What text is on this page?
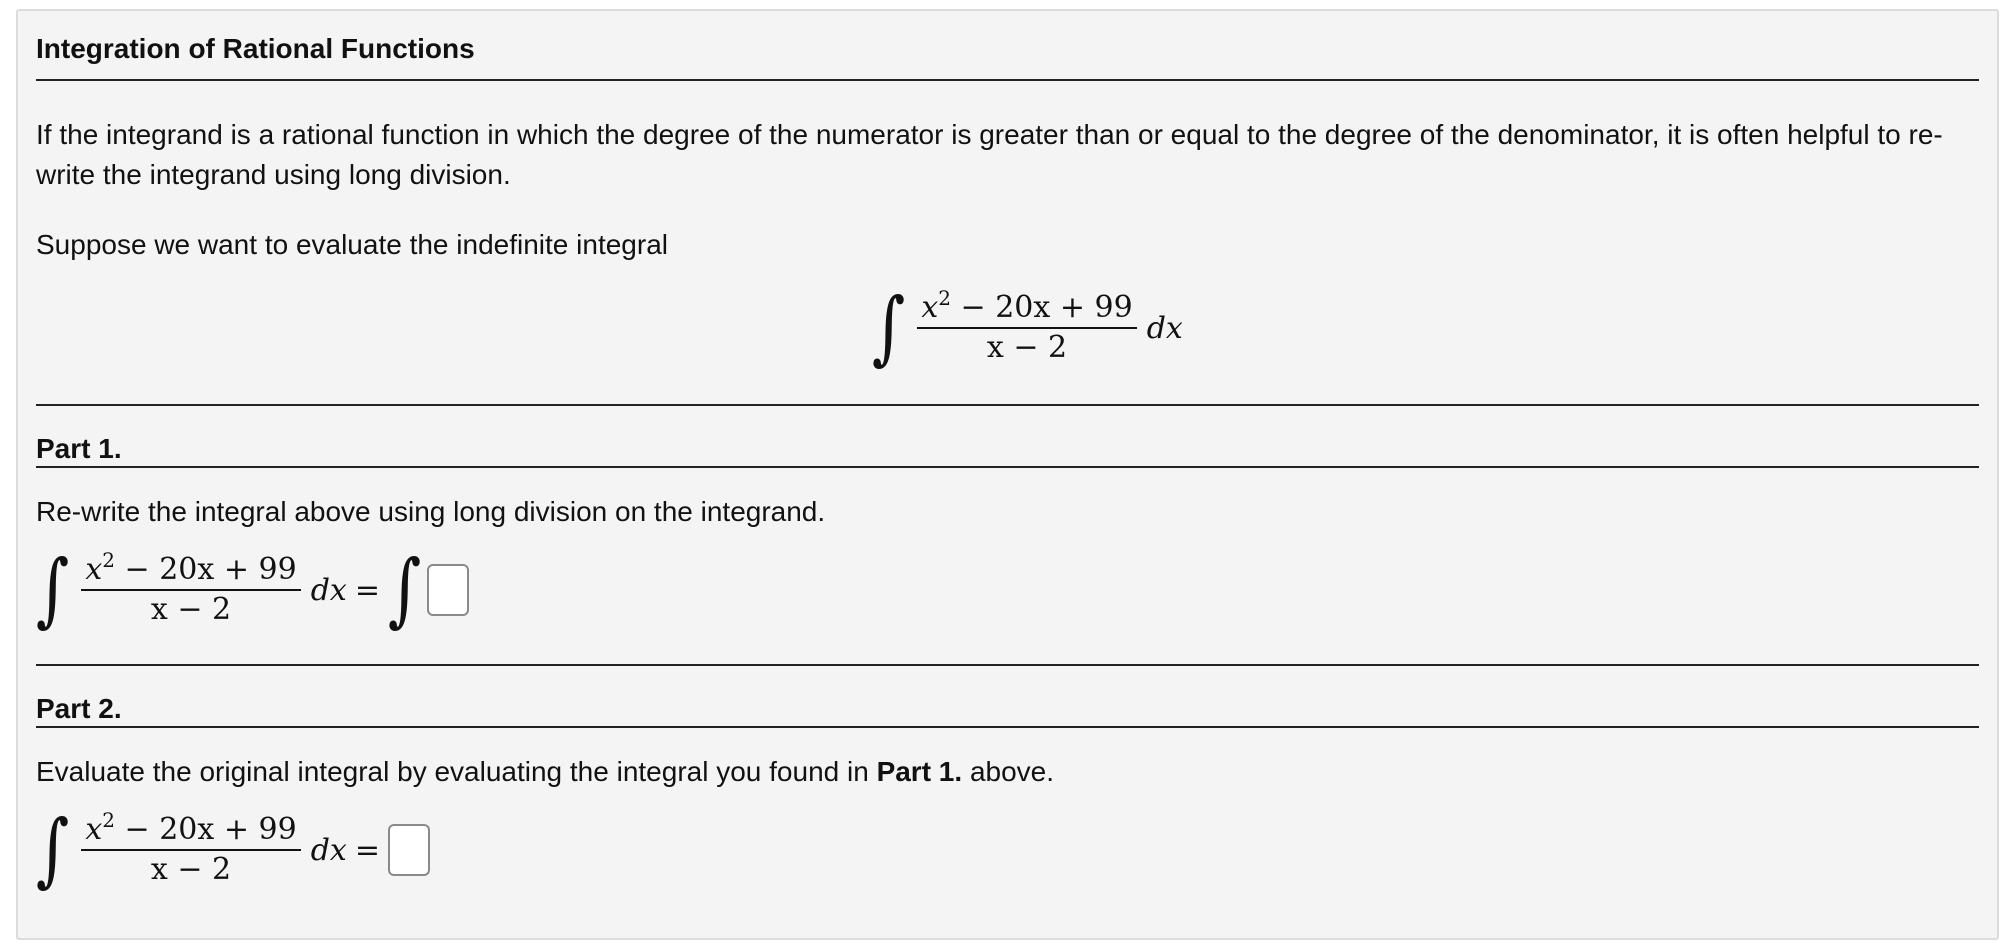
Integration of Rational Functions
If the integrand is a rational function in which the degree of the numerator is greater than or equal to the degree of the denominator, it is often helpful to re-write the integrand using long division.
Suppose we want to evaluate the indefinite integral
∫ $\frac{x^2 - 20x + 99}{x - 2}$ dx
Part 1.
Re-write the integral above using long division on the integrand.
∫ $\frac{x^2 - 20x + 99}{x - 2}$ dx = ∫
Part 2.
Evaluate the original integral by evaluating the integral you found in Part 1. above.
∫ $\frac{x^2 - 20x + 99}{x - 2}$ dx =
